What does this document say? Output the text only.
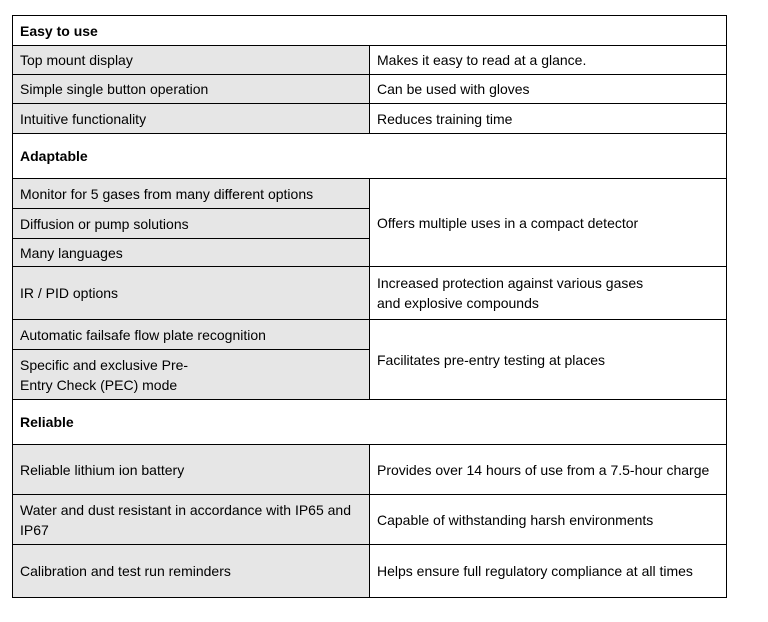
Easy to use	
Top mount display	Makes it easy to read at a glance.
Simple single button operation	Can be used with gloves
Intuitive functionality	Reduces training time
Adaptable	
Monitor for 5 gases from many different options	Offers multiple uses in a compact detector
Diffusion or pump solutions	
Many languages	
IR / PID options	Increased protection against various gases
and explosive compounds
Automatic failsafe flow plate recognition	Facilitates pre-entry testing at places
Specific and exclusive Pre-
Entry Check (PEC) mode	
Reliable	
Reliable lithium ion battery	Provides over 14 hours of use from a 7.5-hour charge
Water and dust resistant in accordance with IP65 and IP67	Capable of withstanding harsh environments
Calibration and test run reminders	Helps ensure full regulatory compliance at all times
